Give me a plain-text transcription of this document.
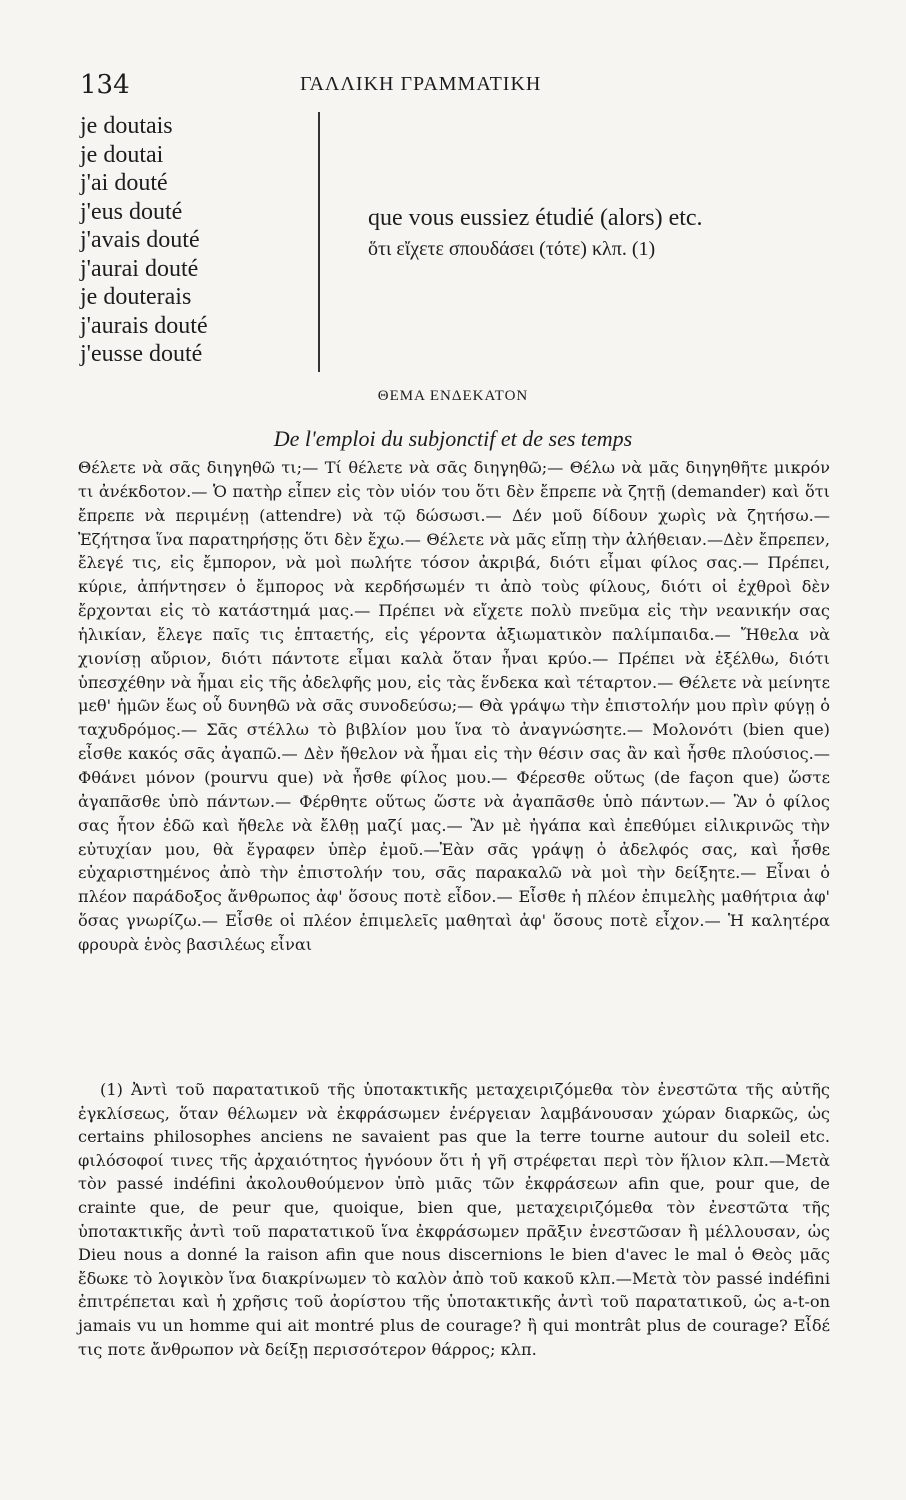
134	ΓΑΛΛΙΚΗ ΓΡΑΜΜΑΤΙΚΗ
je doutais
je doutai
j'ai douté
j'eus douté
j'avais douté
j'aurai douté
je douterais
j'aurais douté
j'eusse douté
que vous eussiez étudié (alors) etc.
ὅτι εἴχετε σπουδάσει (τότε) κλπ. (1)
ΘΕΜΑ ΕΝΔΕΚΑΤΟΝ
De l'emploi du subjonctif et de ses temps

Θέλετε νὰ σᾶς διηγηθῶ τι;— Τί θέλετε νὰ σᾶς διηγηθῶ;— Θέλω νὰ μᾶς διηγηθῆτε μικρόν τι ἀνέκδοτον.— Ὁ πατὴρ εἶπεν εἰς τὸν υἱόν του ὅτι δὲν ἔπρεπε νὰ ζητῇ (demander) καὶ ὅτι ἔπρεπε νὰ περιμένῃ (attendre) νὰ τῷ δώσωσι.— Δέν μοῦ δίδουν χωρὶς νὰ ζητήσω.— Ἐζήτησα ἵνα παρατηρήσῃς ὅτι δὲν ἔχω.— Θέλετε νὰ μᾶς εἴπῃ τὴν ἀλήθειαν.—Δὲν ἔπρεπεν, ἔλεγέ τις, εἰς ἔμπορον, νὰ μοὶ πωλήτε τόσον ἀκριβά, διότι εἶμαι φίλος σας.— Πρέπει, κύριε, ἀπήντησεν ὁ ἔμπορος νὰ κερδήσωμέν τι ἀπὸ τοὺς φίλους, διότι οἱ ἐχθροὶ δὲν ἔρχονται εἰς τὸ κατάστημά μας.— Πρέπει νὰ εἴχετε πολὺ πνεῦμα εἰς τὴν νεανικήν σας ἡλικίαν, ἔλεγε παῖς τις ἑπταετής, εἰς γέροντα ἀξιωματικὸν παλίμπαιδα.— Ἤθελα νὰ χιονίσῃ αὔριον, διότι πάντοτε εἶμαι καλὰ ὅταν ἦναι κρύο.— Πρέπει νὰ ἐξέλθω, διότι ὑπεσχέθην νὰ ἦμαι εἰς τῆς ἀδελφῆς μου, εἰς τὰς ἕνδεκα καὶ τέταρτον.— Θέλετε νὰ μείνητε μεθ' ἡμῶν ἕως οὗ δυνηθῶ νὰ σᾶς συνοδεύσω;— Θὰ γράψω τὴν ἐπιστολήν μου πρὶν φύγῃ ὁ ταχυδρόμος.— Σᾶς στέλλω τὸ βιβλίον μου ἵνα τὸ ἀναγνώσητε.— Μολονότι (bien que) εἶσθε κακός σᾶς ἀγαπῶ.— Δὲν ἤθελον νὰ ἦμαι εἰς τὴν θέσιν σας ἂν καὶ ἦσθε πλούσιος.— Φθάνει μόνον (pourvu que) νὰ ἦσθε φίλος μου.— Φέρεσθε οὕτως (de façon que) ὥστε ἀγαπᾶσθε ὑπὸ πάντων.— Φέρθητε οὕτως ὥστε νὰ ἀγαπᾶσθε ὑπὸ πάντων.— Ἂν ὁ φίλος σας ἦτον ἐδῶ καὶ ἤθελε νὰ ἔλθῃ μαζί μας.— Ἂν μὲ ἠγάπα καὶ ἐπεθύμει εἰλικρινῶς τὴν εὐτυχίαν μου, θὰ ἔγραφεν ὑπὲρ ἐμοῦ.—Ἐὰν σᾶς γράψῃ ὁ ἀδελφός σας, καὶ ἦσθε εὐχαριστημένος ἀπὸ τὴν ἐπιστολήν του, σᾶς παρακαλῶ νὰ μοὶ τὴν δείξητε.— Εἶναι ὁ πλέον παράδοξος ἄνθρωπος ἀφ' ὅσους ποτὲ εἶδον.— Εἶσθε ἡ πλέον ἐπιμελὴς μαθήτρια ἀφ' ὅσας γνωρίζω.— Εἶσθε οἱ πλέον ἐπιμελεῖς μαθηταὶ ἀφ' ὅσους ποτὲ εἶχον.— Ἡ καλητέρα φρουρὰ ἑνὸς βασιλέως εἶναι

(1) Ἀντὶ τοῦ παρατατικοῦ τῆς ὑποτακτικῆς μεταχειριζόμεθα τὸν ἐνεστῶτα τῆς αὐτῆς ἐγκλίσεως, ὅταν θέλωμεν νὰ ἐκφράσωμεν ἐνέργειαν λαμβάνουσαν χώραν διαρκῶς, ὡς certains philosophes anciens ne savaient pas que la terre tourne autour du soleil etc. φιλόσοφοί τινες τῆς ἀρχαιότητος ἠγνόουν ὅτι ἡ γῆ στρέφεται περὶ τὸν ἥλιον κλπ.—Μετὰ τὸν passé indéfini ἀκολουθούμενον ὑπὸ μιᾶς τῶν ἐκφράσεων afin que, pour que, de crainte que, de peur que, quoique, bien que, μεταχειριζόμεθα τὸν ἐνεστῶτα τῆς ὑποτακτικῆς ἀντὶ τοῦ παρατατικοῦ ἵνα ἐκφράσωμεν πρᾶξιν ἐνεστῶσαν ἢ μέλλουσαν, ὡς Dieu nous a donné la raison afin que nous discernions le bien d'avec le mal ὁ Θεὸς μᾶς ἔδωκε τὸ λογικὸν ἵνα διακρίνωμεν τὸ καλὸν ἀπὸ τοῦ κακοῦ κλπ.—Μετὰ τὸν passé indéfini ἐπιτρέπεται καὶ ἡ χρῆσις τοῦ ἀορίστου τῆς ὑποτακτικῆς ἀντὶ τοῦ παρατατικοῦ, ὡς a-t-on jamais vu un homme qui ait montré plus de courage? ἢ qui montrât plus de courage? Εἶδέ τις ποτε ἄνθρωπον νὰ δείξῃ περισσότερον θάρρος; κλπ.
